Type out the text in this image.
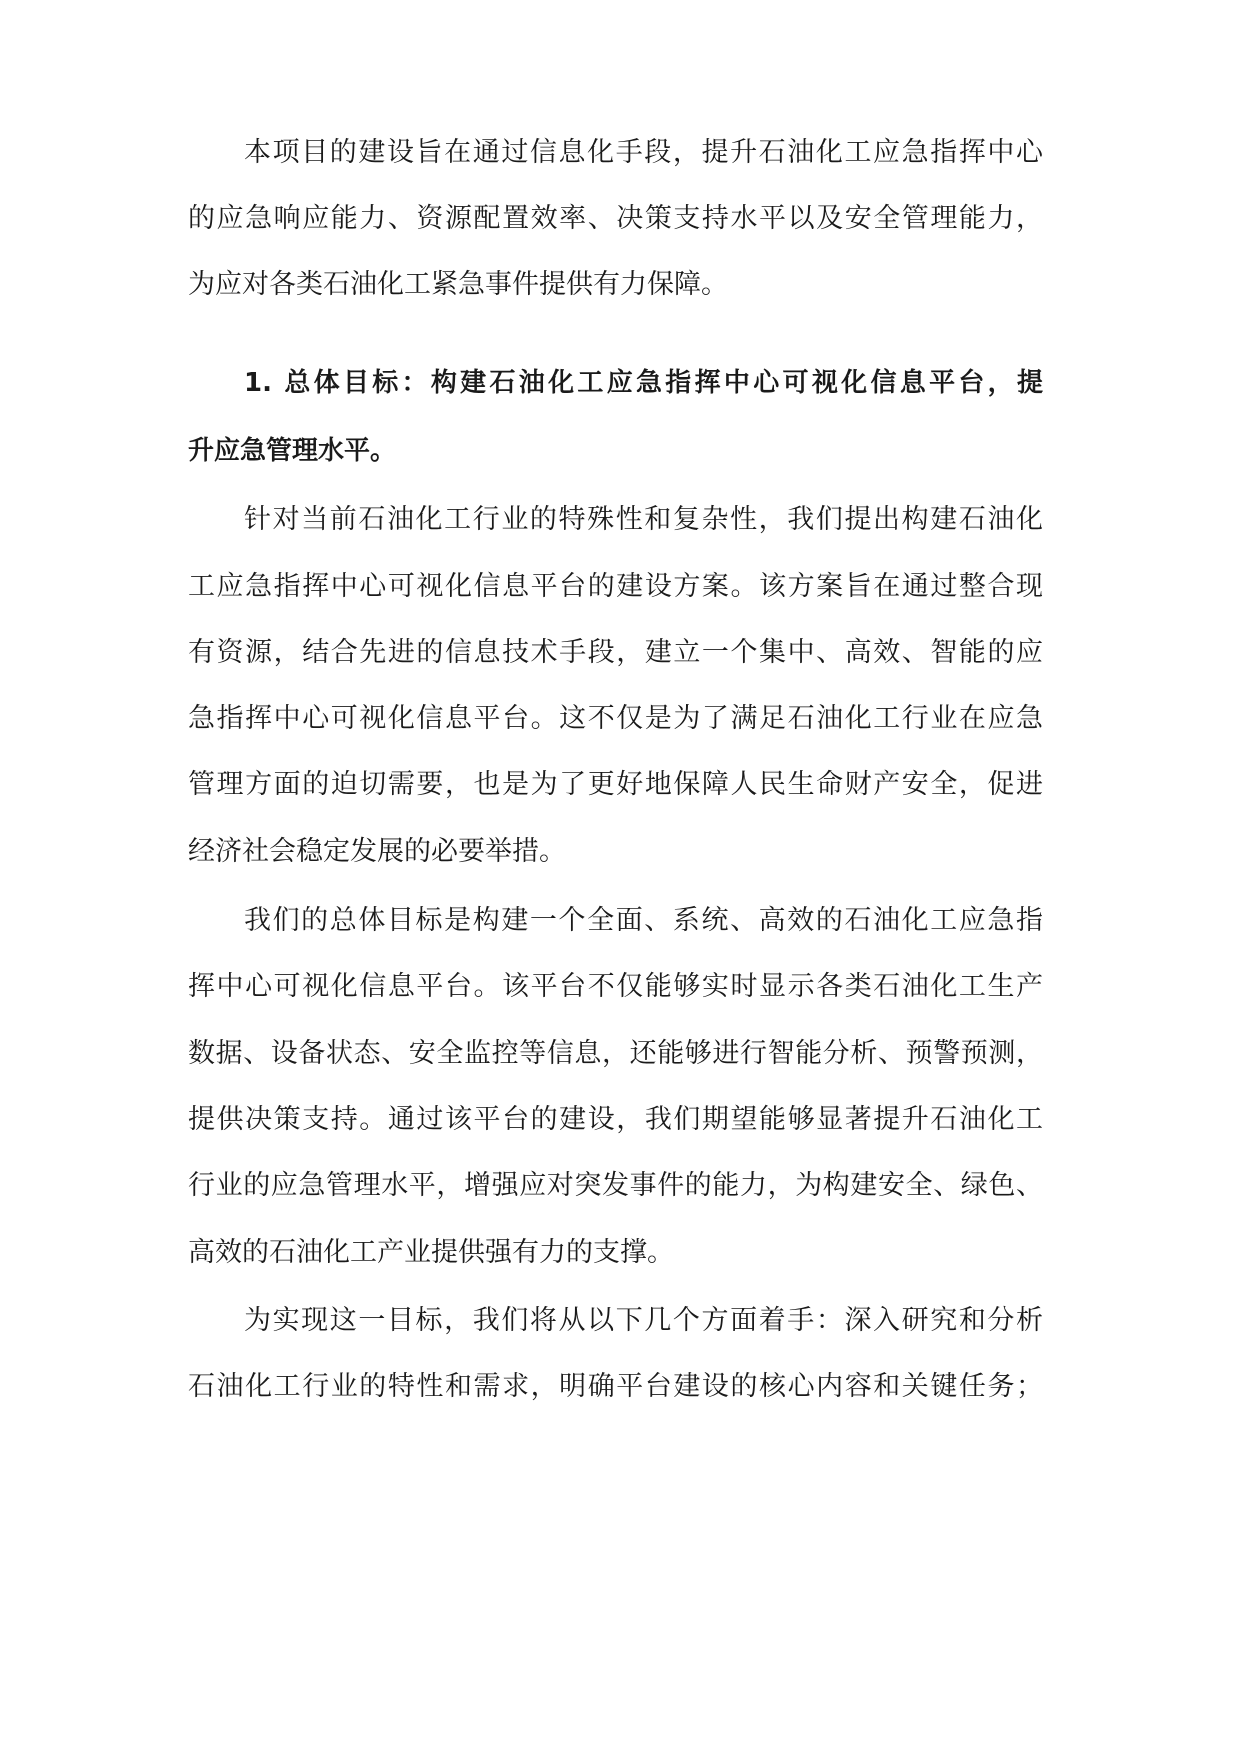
本项目的建设旨在通过信息化手段，提升石油化工应急指挥中心

的应急响应能力、资源配置效率、决策支持水平以及安全管理能力，

为应对各类石油化工紧急事件提供有力保障。

1. 总体目标：构建石油化工应急指挥中心可视化信息平台，提

升应急管理水平。

针对当前石油化工行业的特殊性和复杂性，我们提出构建石油化

工应急指挥中心可视化信息平台的建设方案。该方案旨在通过整合现

有资源，结合先进的信息技术手段，建立一个集中、高效、智能的应

急指挥中心可视化信息平台。这不仅是为了满足石油化工行业在应急

管理方面的迫切需要，也是为了更好地保障人民生命财产安全，促进

经济社会稳定发展的必要举措。

我们的总体目标是构建一个全面、系统、高效的石油化工应急指

挥中心可视化信息平台。该平台不仅能够实时显示各类石油化工生产

数据、设备状态、安全监控等信息，还能够进行智能分析、预警预测，

提供决策支持。通过该平台的建设，我们期望能够显著提升石油化工

行业的应急管理水平，增强应对突发事件的能力，为构建安全、绿色、

高效的石油化工产业提供强有力的支撑。

为实现这一目标，我们将从以下几个方面着手：深入研究和分析

石油化工行业的特性和需求，明确平台建设的核心内容和关键任务；
